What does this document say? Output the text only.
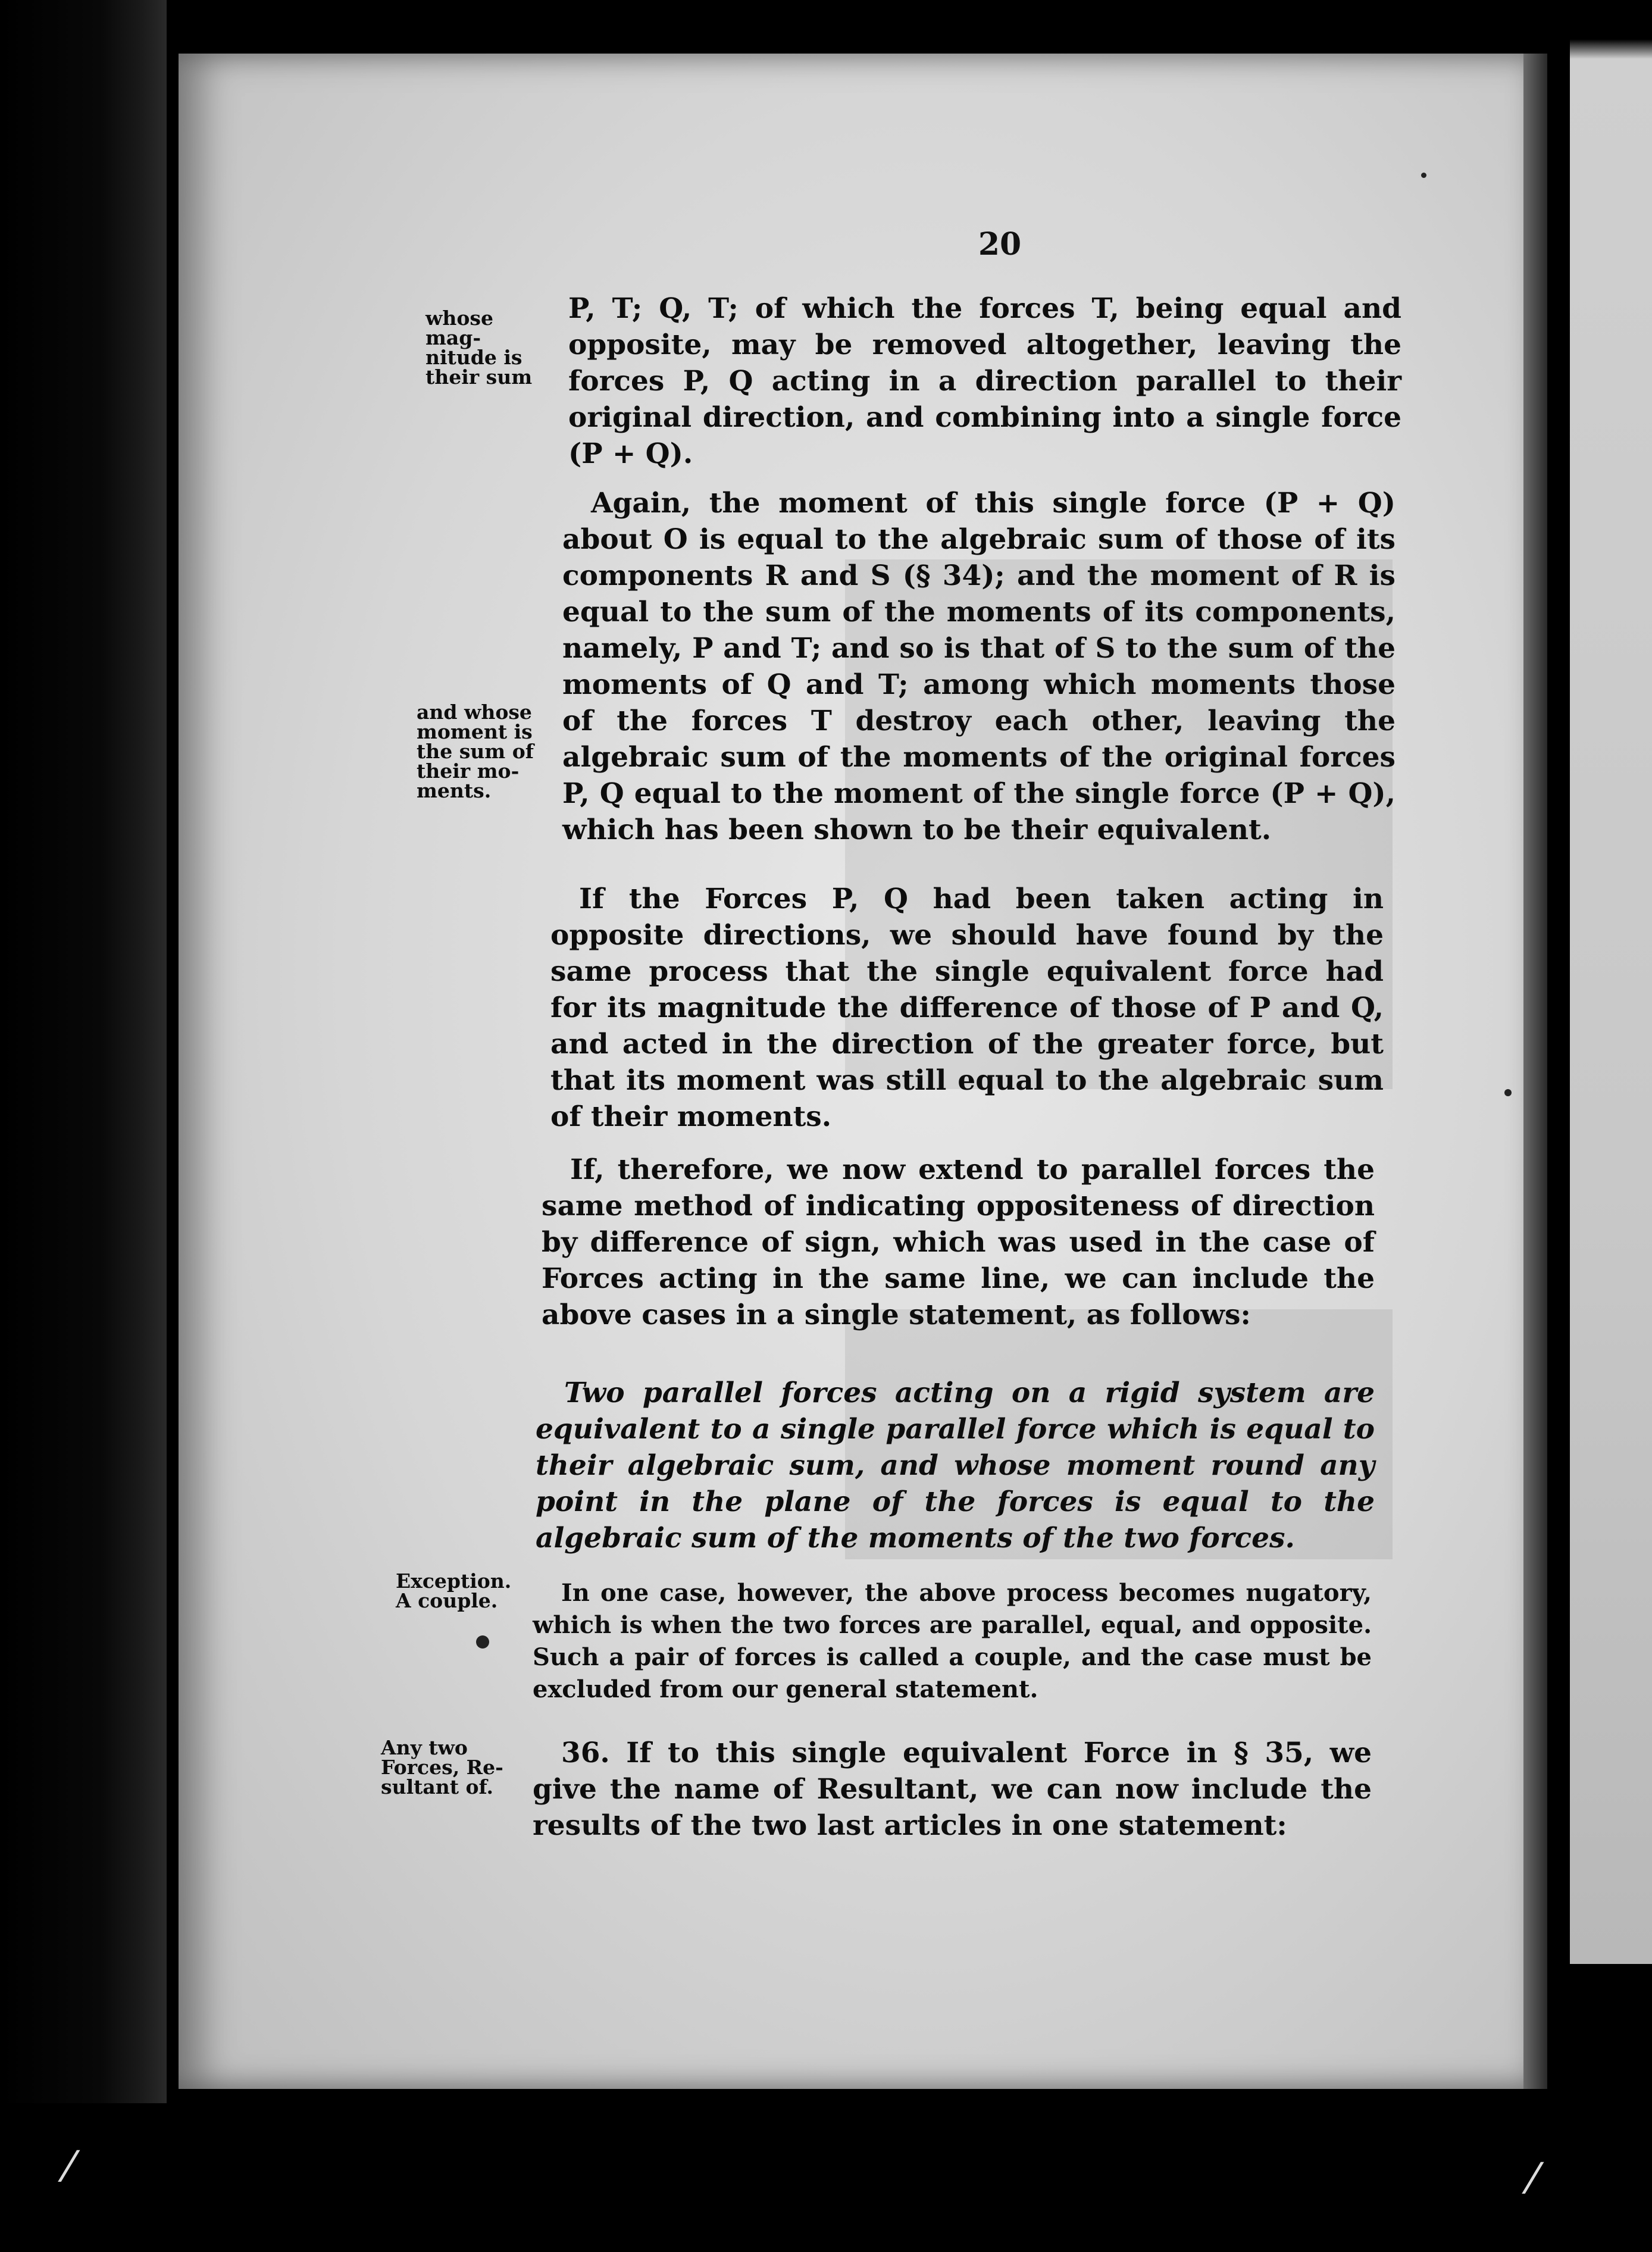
20
whose mag-
nitude is
their sum
and whose
moment is
the sum of
their mo-
ments.
Exception.
A couple.
Any two
Forces, Re-
sultant of.
P, T; Q, T; of which the forces T, being equal and opposite, may be removed altogether, leaving the forces P, Q acting in a direction parallel to their original direction, and combining into a single force (P + Q).
Again, the moment of this single force (P + Q) about O is equal to the algebraic sum of those of its components R and S (§ 34); and the moment of R is equal to the sum of the moments of its components, namely, P and T; and so is that of S to the sum of the moments of Q and T; among which moments those of the forces T destroy each other, leaving the algebraic sum of the moments of the original forces P, Q equal to the moment of the single force (P + Q), which has been shown to be their equivalent.
If the Forces P, Q had been taken acting in opposite directions, we should have found by the same process that the single equivalent force had for its magnitude the difference of those of P and Q, and acted in the direction of the greater force, but that its moment was still equal to the algebraic sum of their moments.
If, therefore, we now extend to parallel forces the same method of indicating oppositeness of direction by difference of sign, which was used in the case of Forces acting in the same line, we can include the above cases in a single statement, as follows:
Two parallel forces acting on a rigid system are equivalent to a single parallel force which is equal to their algebraic sum, and whose moment round any point in the plane of the forces is equal to the algebraic sum of the moments of the two forces.
In one case, however, the above process becomes nugatory, which is when the two forces are parallel, equal, and opposite. Such a pair of forces is called a couple, and the case must be excluded from our general statement.
36. If to this single equivalent Force in § 35, we give the name of Resultant, we can now include the results of the two last articles in one statement:
⁄	⁄
